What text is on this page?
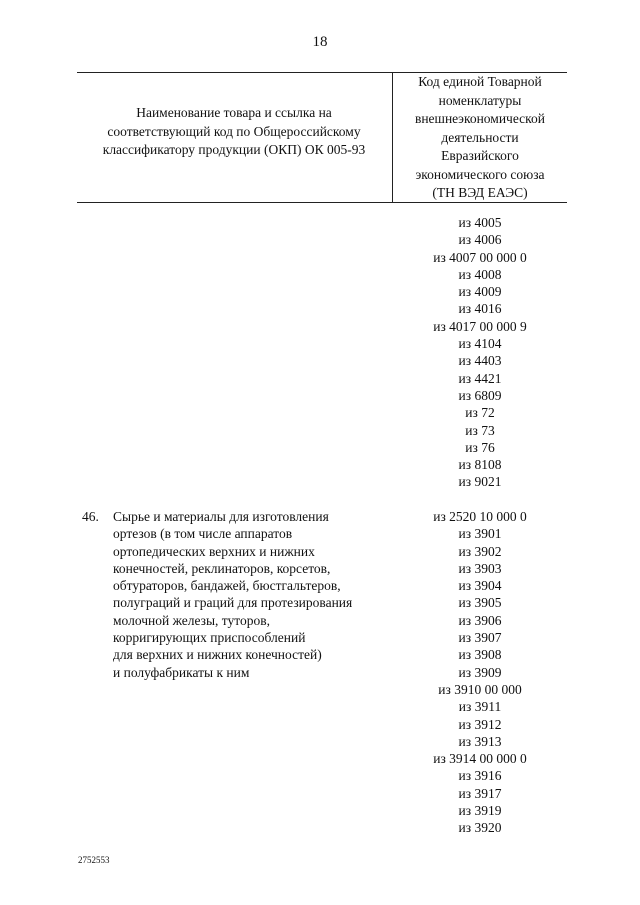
18
Наименование товара и ссылка на
соответствующий код по Общероссийскому
классификатору продукции (ОКП) ОК 005-93
Код единой Товарной
номенклатуры
внешнеэкономической
деятельности
Евразийского
экономического союза
(ТН ВЭД ЕАЭС)
из 4005
из 4006
из 4007 00 000 0
из 4008
из 4009
из 4016
из 4017 00 000 9
из 4104
из 4403
из 4421
из 6809
из 72
из 73
из 76
из 8108
из 9021
46. Сырье и материалы для изготовления
ортезов (в том числе аппаратов
ортопедических верхних и нижних
конечностей, реклинаторов, корсетов,
обтураторов, бандажей, бюстгальтеров,
полуграций и граций для протезирования
молочной железы, туторов,
корригирующих приспособлений
для верхних и нижних конечностей)
и полуфабрикаты к ним
из 2520 10 000 0
из 3901
из 3902
из 3903
из 3904
из 3905
из 3906
из 3907
из 3908
из 3909
из 3910 00 000
из 3911
из 3912
из 3913
из 3914 00 000 0
из 3916
из 3917
из 3919
из 3920
2752553
